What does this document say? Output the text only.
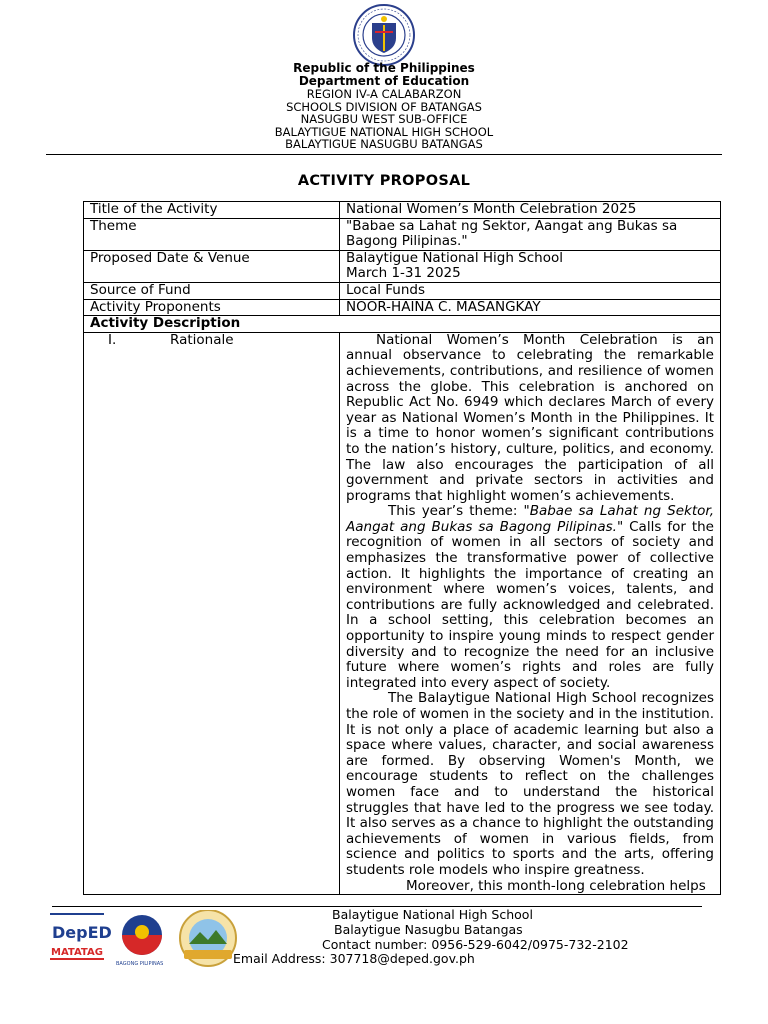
Republic of the Philippines
Department of Education
REGION IV-A CALABARZON
SCHOOLS DIVISION OF BATANGAS
NASUGBU WEST SUB-OFFICE
BALAYTIGUE NATIONAL HIGH SCHOOL
BALAYTIGUE NASUGBU BATANGAS
ACTIVITY PROPOSAL
Title of the Activity	National Women’s Month Celebration 2025
Theme	"Babae sa Lahat ng Sektor, Aangat ang Bukas sa Bagong Pilipinas."
Proposed Date & Venue	Balaytigue National High School
March 1-31 2025

Source of Fund	Local Funds
Activity Proponents	NOOR-HAINA C. MASANGKAY
Activity Description	
I. Rationale	National Women’s Month Celebration is an annual observance to celebrating the remarkable achievements, contributions, and resilience of women across the globe. This celebration is anchored on Republic Act No. 6949 which declares March of every year as National Women’s Month in the Philippines. It is a time to honor women’s significant contributions to the nation’s history, culture, politics, and economy. The law also encourages the participation of all government and private sectors in activities and programs that highlight women’s achievements.

This year’s theme: "Babae sa Lahat ng Sektor, Aangat ang Bukas sa Bagong Pilipinas." Calls for the recognition of women in all sectors of society and emphasizes the transformative power of collective action. It highlights the importance of creating an environment where women’s voices, talents, and contributions are fully acknowledged and celebrated. In a school setting, this celebration becomes an opportunity to inspire young minds to respect gender diversity and to recognize the need for an inclusive future where women’s rights and roles are fully integrated into every aspect of society.

The Balaytigue National High School recognizes the role of women in the society and in the institution. It is not only a place of academic learning but also a space where values, character, and social awareness are formed. By observing Women's Month, we encourage students to reflect on the challenges women face and to understand the historical struggles that have led to the progress we see today. It also serves as a chance to highlight the outstanding achievements of women in various fields, from science and politics to sports and the arts, offering students role models who inspire greatness.

Moreover, this month-long celebration helps

DepED
MATATAG
BAGONG PILIPINAS
Balaytigue National High School
Balaytigue Nasugbu Batangas
Contact number: 0956-529-6042/0975-732-2102
Email Address: 307718@deped.gov.ph
